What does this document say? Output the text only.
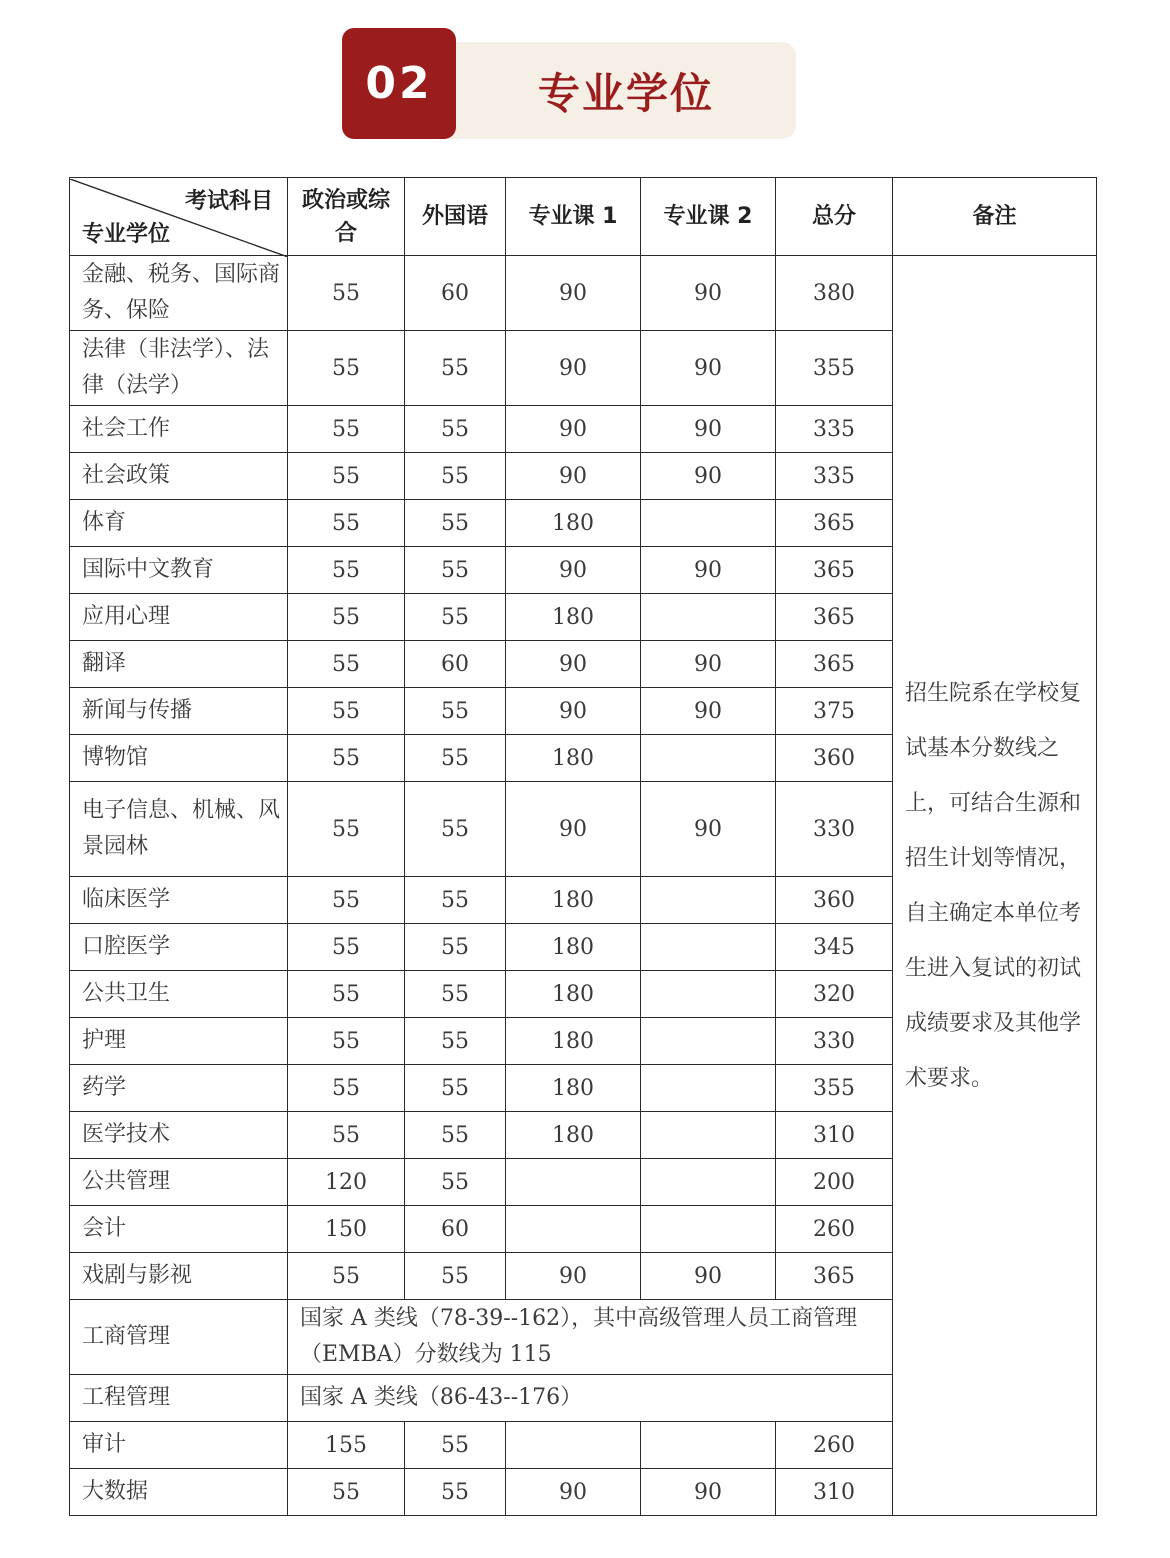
02	专业学位
考试科目
专业学位	政治或综合	外国语	专业课 1	专业课 2	总分	备注
金融、税务、国际商务、保险	55	60	90	90	380	招生院系在学校复试基本分数线之上，可结合生源和招生计划等情况，自主确定本单位考生进入复试的初试成绩要求及其他学术要求。
法律（非法学）、法律（法学）	55	55	90	90	355	
社会工作	55	55	90	90	335	
社会政策	55	55	90	90	335	
体育	55	55	180		365	
国际中文教育	55	55	90	90	365	
应用心理	55	55	180		365	
翻译	55	60	90	90	365	
新闻与传播	55	55	90	90	375	
博物馆	55	55	180		360	
电子信息、机械、风景园林	55	55	90	90	330	
临床医学	55	55	180		360	
口腔医学	55	55	180		345	
公共卫生	55	55	180		320	
护理	55	55	180		330	
药学	55	55	180		355	
医学技术	55	55	180		310	
公共管理	120	55			200	
会计	150	60			260	
戏剧与影视	55	55	90	90	365	
工商管理	国家 A 类线（78-39--162），其中高级管理人员工商管理（EMBA）分数线为 115					
工程管理	国家 A 类线（86-43--176）					
审计	155	55			260	
大数据	55	55	90	90	310	
